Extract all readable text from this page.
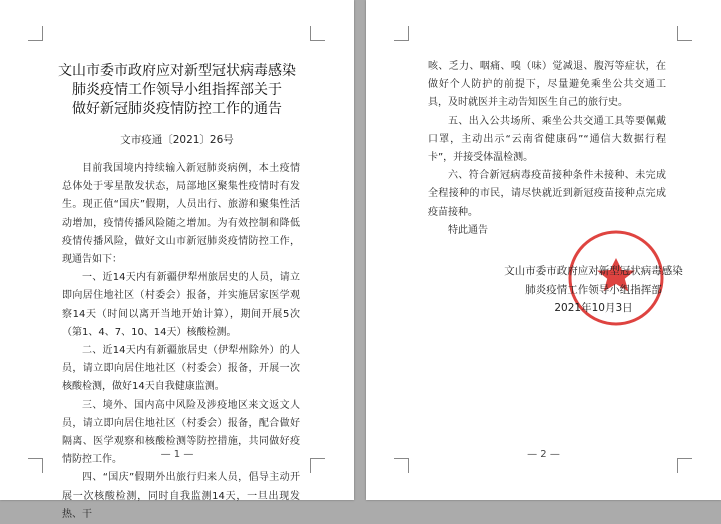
文山市委市政府应对新型冠状病毒感染
肺炎疫情工作领导小组指挥部关于
做好新冠肺炎疫情防控工作的通告
文市疫通〔2021〕26号

目前我国境内持续输入新冠肺炎病例，本土疫情总体处于零星散发状态，局部地区聚集性疫情时有发生。现正值“国庆”假期，人员出行、旅游和聚集性活动增加，疫情传播风险随之增加。为有效控制和降低疫情传播风险，做好文山市新冠肺炎疫情防控工作，现通告如下：

一、近14天内有新疆伊犁州旅居史的人员，请立即向居住地社区（村委会）报备，并实施居家医学观察14天（时间以离开当地开始计算），期间开展5次（第1、4、7、10、14天）核酸检测。

二、近14天内有新疆旅居史（伊犁州除外）的人员，请立即向居住地社区（村委会）报备，开展一次核酸检测，做好14天自我健康监测。

三、境外、国内高中风险及涉疫地区来文返文人员，请立即向居住地社区（村委会）报备，配合做好隔离、医学观察和核酸检测等防控措施，共同做好疫情防控工作。

四、“国庆”假期外出旅行归来人员，倡导主动开展一次核酸检测，同时自我监测14天，一旦出现发热、干

— 1 —

咳、乏力、咽痛、嗅（味）觉减退、腹泻等症状，在做好个人防护的前提下，尽量避免乘坐公共交通工具，及时就医并主动告知医生自己的旅行史。

五、出入公共场所、乘坐公共交通工具等要佩戴口罩，主动出示“云南省健康码”“通信大数据行程卡”，并接受体温检测。

六、符合新冠病毒疫苗接种条件未接种、未完成全程接种的市民，请尽快就近到新冠疫苗接种点完成疫苗接种。

特此通告

文山市委市政府应对新型冠状病毒感染
肺炎疫情工作领导小组指挥部
2021年10月3日
— 2 —
